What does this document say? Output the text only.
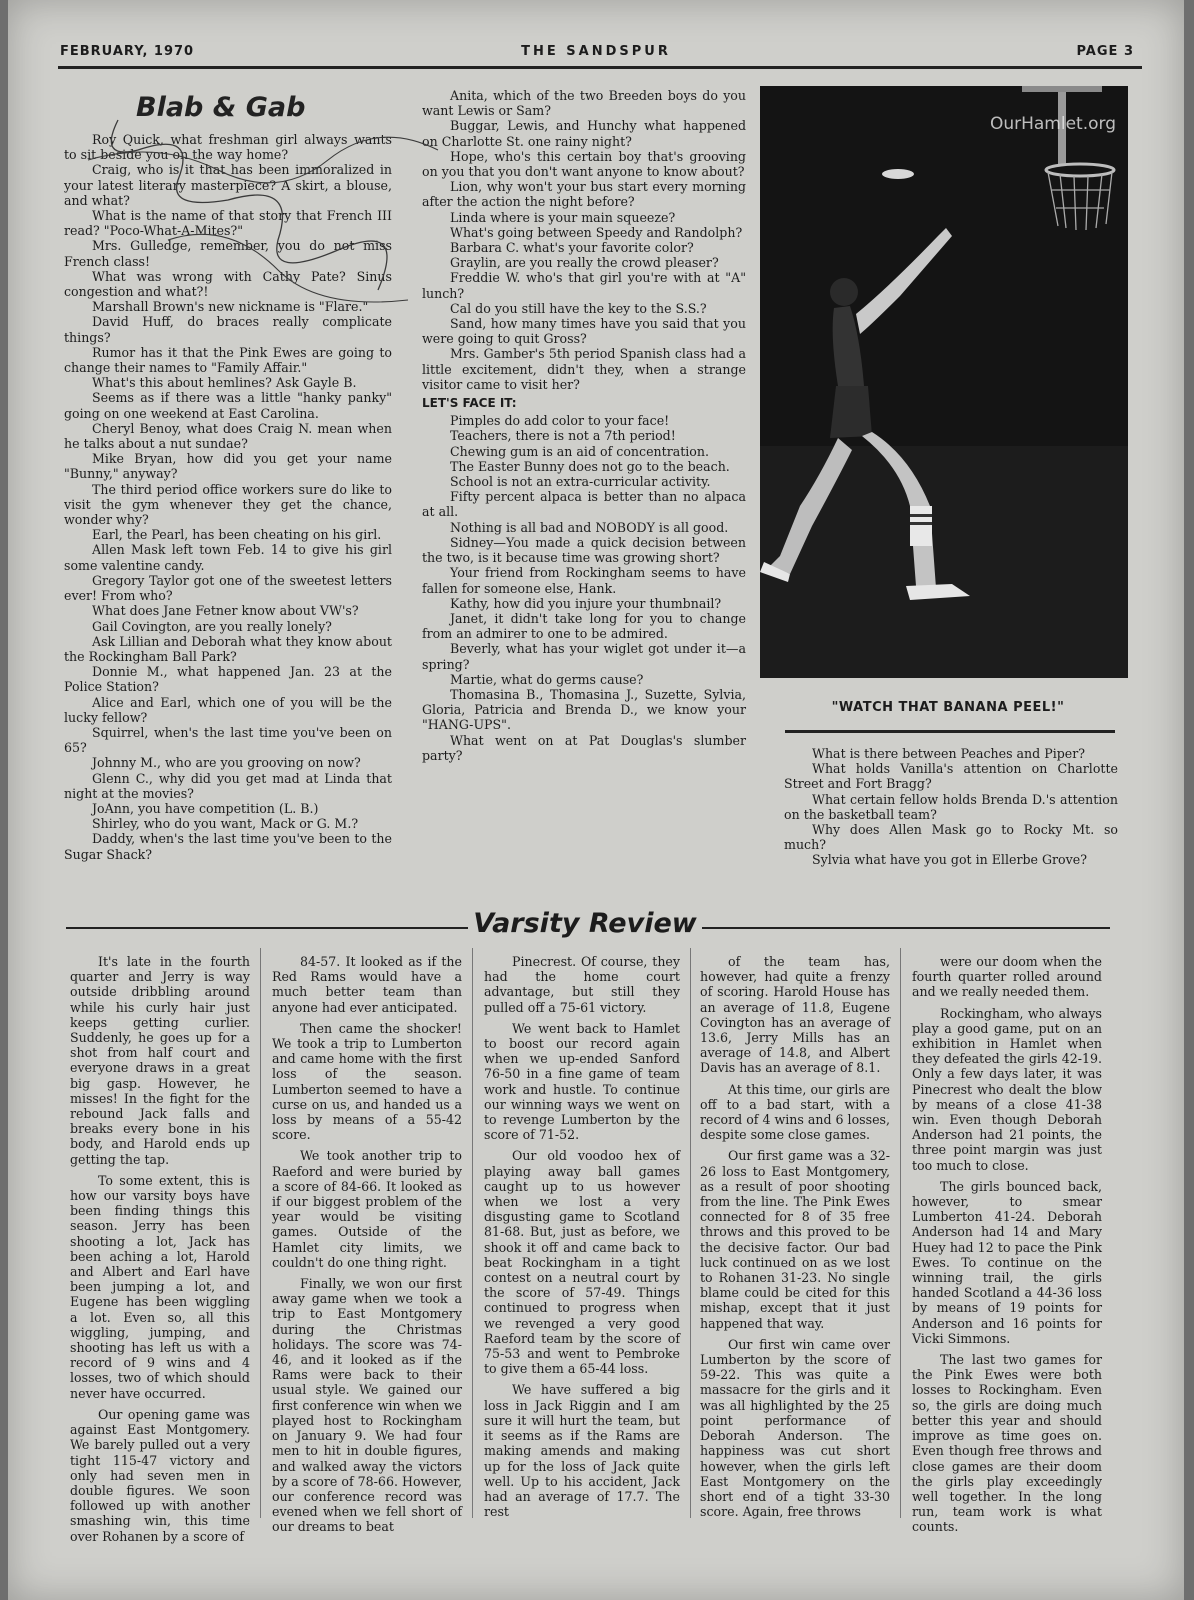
FEBRUARY, 1970	THE SANDSPUR	PAGE 3
Blab & Gab

Roy Quick, what freshman girl always wants to sit beside you on the way home?

Craig, who is it that has been immoralized in your latest literary masterpiece? A skirt, a blouse, and what?

What is the name of that story that French III read? "Poco-What-A-Mites?"

Mrs. Gulledge, remember, you do not miss French class!

What was wrong with Cathy Pate? Sinus congestion and what?!

Marshall Brown's new nickname is "Flare."

David Huff, do braces really complicate things?

Rumor has it that the Pink Ewes are going to change their names to "Family Affair."

What's this about hemlines? Ask Gayle B.

Seems as if there was a little "hanky panky" going on one weekend at East Carolina.

Cheryl Benoy, what does Craig N. mean when he talks about a nut sundae?

Mike Bryan, how did you get your name "Bunny," anyway?

The third period office workers sure do like to visit the gym whenever they get the chance, wonder why?

Earl, the Pearl, has been cheating on his girl.

Allen Mask left town Feb. 14 to give his girl some valentine candy.

Gregory Taylor got one of the sweetest letters ever! From who?

What does Jane Fetner know about VW's?

Gail Covington, are you really lonely?

Ask Lillian and Deborah what they know about the Rockingham Ball Park?

Donnie M., what happened Jan. 23 at the Police Station?

Alice and Earl, which one of you will be the lucky fellow?

Squirrel, when's the last time you've been on 65?

Johnny M., who are you grooving on now?

Glenn C., why did you get mad at Linda that night at the movies?

JoAnn, you have competition (L. B.)

Shirley, who do you want, Mack or G. M.?

Daddy, when's the last time you've been to the Sugar Shack?

Anita, which of the two Breeden boys do you want Lewis or Sam?

Buggar, Lewis, and Hunchy what happened on Charlotte St. one rainy night?

Hope, who's this certain boy that's grooving on you that you don't want anyone to know about?

Lion, why won't your bus start every morning after the action the night before?

Linda where is your main squeeze?

What's going between Speedy and Randolph?

Barbara C. what's your favorite color?

Graylin, are you really the crowd pleaser?

Freddie W. who's that girl you're with at "A" lunch?

Cal do you still have the key to the S.S.?

Sand, how many times have you said that you were going to quit Gross?

Mrs. Gamber's 5th period Spanish class had a little excitement, didn't they, when a strange visitor came to visit her?

LET'S FACE IT:

Pimples do add color to your face!

Teachers, there is not a 7th period!

Chewing gum is an aid of concentration.

The Easter Bunny does not go to the beach.

School is not an extra-curricular activity.

Fifty percent alpaca is better than no alpaca at all.

Nothing is all bad and NOBODY is all good.

Sidney—You made a quick decision between the two, is it because time was growing short?

Your friend from Rockingham seems to have fallen for someone else, Hank.

Kathy, how did you injure your thumbnail?

Janet, it didn't take long for you to change from an admirer to one to be admired.

Beverly, what has your wiglet got under it—a spring?

Martie, what do germs cause?

Thomasina B., Thomasina J., Suzette, Sylvia, Gloria, Patricia and Brenda D., we know your "HANG-UPS".

What went on at Pat Douglas's slumber party?

OurHamlet.org
"WATCH THAT BANANA PEEL!"

What is there between Peaches and Piper?

What holds Vanilla's attention on Charlotte Street and Fort Bragg?

What certain fellow holds Brenda D.'s attention on the basketball team?

Why does Allen Mask go to Rocky Mt. so much?

Sylvia what have you got in Ellerbe Grove?

Varsity Review

It's late in the fourth quarter and Jerry is way outside dribbling around while his curly hair just keeps getting curlier. Suddenly, he goes up for a shot from half court and everyone draws in a great big gasp. However, he misses! In the fight for the rebound Jack falls and breaks every bone in his body, and Harold ends up getting the tap.

To some extent, this is how our varsity boys have been finding things this season. Jerry has been shooting a lot, Jack has been aching a lot, Harold and Albert and Earl have been jumping a lot, and Eugene has been wiggling a lot. Even so, all this wiggling, jumping, and shooting has left us with a record of 9 wins and 4 losses, two of which should never have occurred.

Our opening game was against East Montgomery. We barely pulled out a very tight 115-47 victory and only had seven men in double figures. We soon followed up with another smashing win, this time over Rohanen by a score of

84-57. It looked as if the Red Rams would have a much better team than anyone had ever anticipated.

Then came the shocker! We took a trip to Lumberton and came home with the first loss of the season. Lumberton seemed to have a curse on us, and handed us a loss by means of a 55-42 score.

We took another trip to Raeford and were buried by a score of 84-66. It looked as if our biggest problem of the year would be visiting games. Outside of the Hamlet city limits, we couldn't do one thing right.

Finally, we won our first away game when we took a trip to East Montgomery during the Christmas holidays. The score was 74-46, and it looked as if the Rams were back to their usual style. We gained our first conference win when we played host to Rockingham on January 9. We had four men to hit in double figures, and walked away the victors by a score of 78-66. However, our conference record was evened when we fell short of our dreams to beat

Pinecrest. Of course, they had the home court advantage, but still they pulled off a 75-61 victory.

We went back to Hamlet to boost our record again when we up-ended Sanford 76-50 in a fine game of team work and hustle. To continue our winning ways we went on to revenge Lumberton by the score of 71-52.

Our old voodoo hex of playing away ball games caught up to us however when we lost a very disgusting game to Scotland 81-68. But, just as before, we shook it off and came back to beat Rockingham in a tight contest on a neutral court by the score of 57-49. Things continued to progress when we revenged a very good Raeford team by the score of 75-53 and went to Pembroke to give them a 65-44 loss.

We have suffered a big loss in Jack Riggin and I am sure it will hurt the team, but it seems as if the Rams are making amends and making up for the loss of Jack quite well. Up to his accident, Jack had an average of 17.7. The rest

of the team has, however, had quite a frenzy of scoring. Harold House has an average of 11.8, Eugene Covington has an average of 13.6, Jerry Mills has an average of 14.8, and Albert Davis has an average of 8.1.

At this time, our girls are off to a bad start, with a record of 4 wins and 6 losses, despite some close games.

Our first game was a 32-26 loss to East Montgomery, as a result of poor shooting from the line. The Pink Ewes connected for 8 of 35 free throws and this proved to be the decisive factor. Our bad luck continued on as we lost to Rohanen 31-23. No single blame could be cited for this mishap, except that it just happened that way.

Our first win came over Lumberton by the score of 59-22. This was quite a massacre for the girls and it was all highlighted by the 25 point performance of Deborah Anderson. The happiness was cut short however, when the girls left East Montgomery on the short end of a tight 33-30 score. Again, free throws

were our doom when the fourth quarter rolled around and we really needed them.

Rockingham, who always play a good game, put on an exhibition in Hamlet when they defeated the girls 42-19. Only a few days later, it was Pinecrest who dealt the blow by means of a close 41-38 win. Even though Deborah Anderson had 21 points, the three point margin was just too much to close.

The girls bounced back, however, to smear Lumberton 41-24. Deborah Anderson had 14 and Mary Huey had 12 to pace the Pink Ewes. To continue on the winning trail, the girls handed Scotland a 44-36 loss by means of 19 points for Anderson and 16 points for Vicki Simmons.

The last two games for the Pink Ewes were both losses to Rockingham. Even so, the girls are doing much better this year and should improve as time goes on. Even though free throws and close games are their doom the girls play exceedingly well together. In the long run, team work is what counts.
